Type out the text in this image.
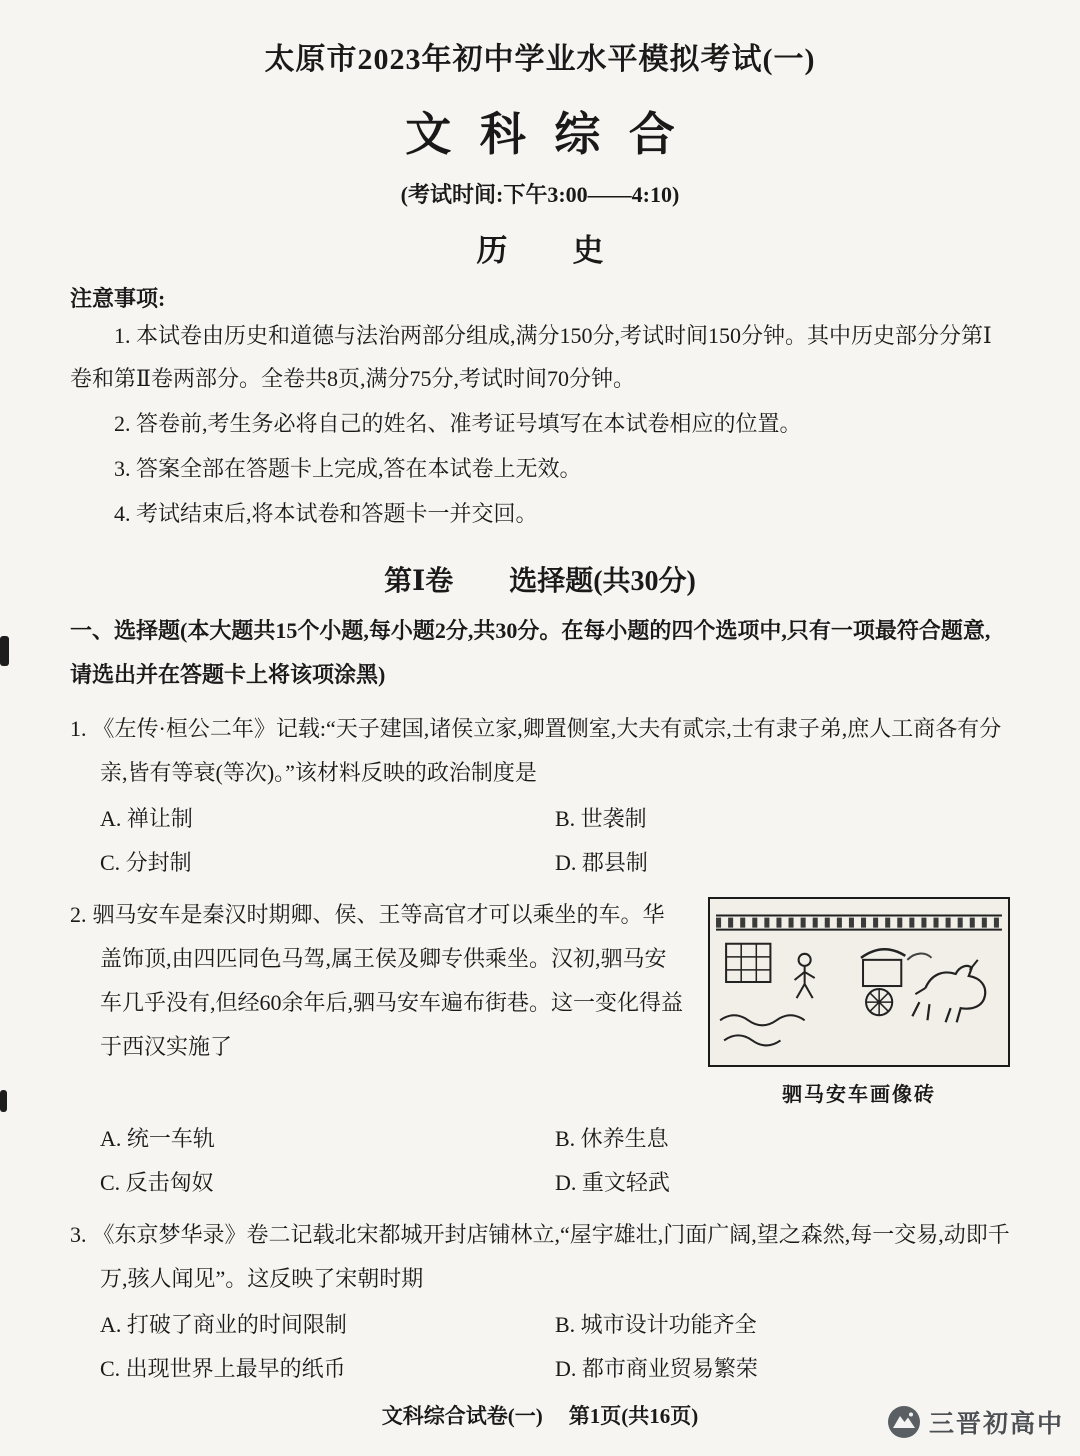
太原市2023年初中学业水平模拟考试(一)
文科综合
(考试时间:下午3:00——4:10)
历史
注意事项:

1. 本试卷由历史和道德与法治两部分组成,满分150分,考试时间150分钟。其中历史部分分第Ⅰ卷和第Ⅱ卷两部分。全卷共8页,满分75分,考试时间70分钟。

2. 答卷前,考生务必将自己的姓名、准考证号填写在本试卷相应的位置。

3. 答案全部在答题卡上完成,答在本试卷上无效。

4. 考试结束后,将本试卷和答题卡一并交回。

第Ⅰ卷　　选择题(共30分)

一、选择题(本大题共15个小题,每小题2分,共30分。在每小题的四个选项中,只有一项最符合题意,请选出并在答题卡上将该项涂黑)

1. 《左传·桓公二年》记载:“天子建国,诸侯立家,卿置侧室,大夫有贰宗,士有隶子弟,庶人工商各有分亲,皆有等衰(等次)。”该材料反映的政治制度是

A. 禅让制	B. 世袭制
C. 分封制	D. 郡县制

2. 驷马安车是秦汉时期卿、侯、王等高官才可以乘坐的车。华盖饰顶,由四匹同色马驾,属王侯及卿专供乘坐。汉初,驷马安车几乎没有,但经60余年后,驷马安车遍布街巷。这一变化得益于西汉实施了

驷马安车画像砖
A. 统一车轨	B. 休养生息
C. 反击匈奴	D. 重文轻武

3. 《东京梦华录》卷二记载北宋都城开封店铺林立,“屋宇雄壮,门面广阔,望之森然,每一交易,动即千万,骇人闻见”。这反映了宋朝时期

A. 打破了商业的时间限制	B. 城市设计功能齐全
C. 出现世界上最早的纸币	D. 都市商业贸易繁荣
文科综合试卷(一) 第1页(共16页)	三晋初高中
